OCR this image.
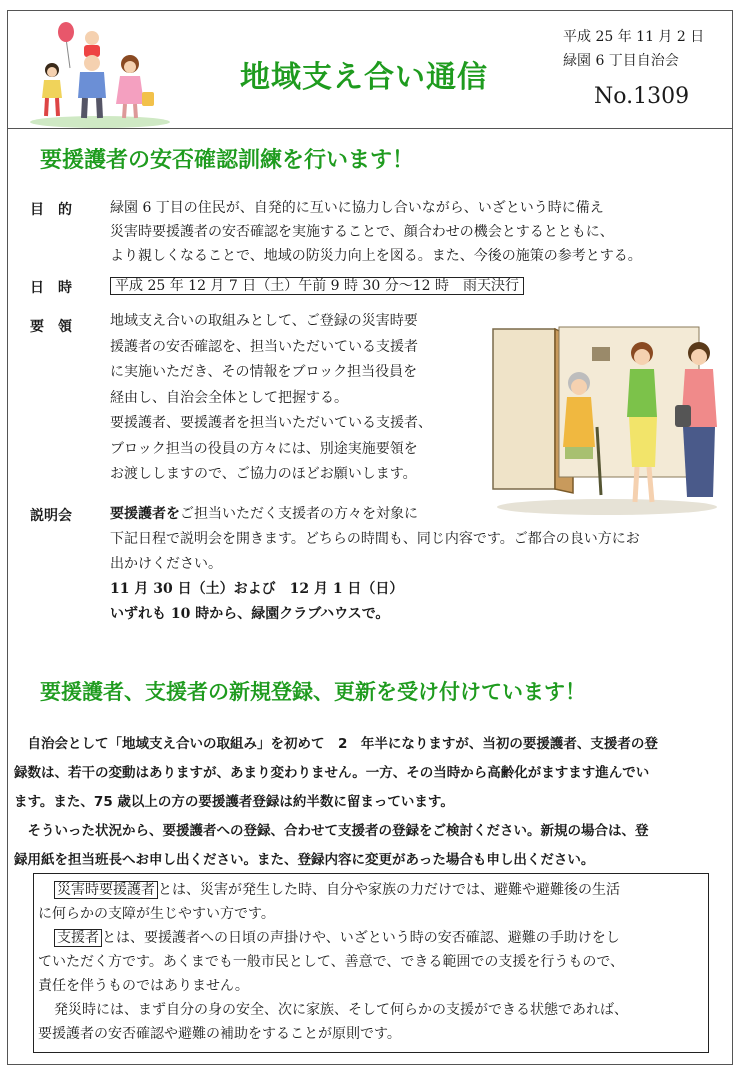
地域支え合い通信
平成 25 年 11 月 2 日
緑園 6 丁目自治会
No.1309
要援護者の安否確認訓練を行います！
目的 緑園 6 丁目の住民が、自発的に互いに協力し合いながら、いざという時に備え
災害時要援護者の安否確認を実施することで、顔合わせの機会とするとともに、
より親しくなることで、地域の防災力向上を図る。また、今後の施策の参考とする。
日時	平成 25 年 12 月 7 日（土）午前 9 時 30 分～12 時　雨天決行
要領 地域支え合いの取組みとして、ご登録の災害時要
援護者の安否確認を、担当いただいている支援者
に実施いただき、その情報をブロック担当役員を
経由し、自治会全体として把握する。
要援護者、要援護者を担当いただいている支援者、
ブロック担当の役員の方々には、別途実施要領を
お渡ししますので、ご協力のほどお願いします。
説明会	要援護者をご担当いただく支援者の方々を対象に
下記日程で説明会を開きます。どちらの時間も、同じ内容です。ご都合の良い方にお
出かけください。
11 月 30 日（土）および　12 月 1 日（日）
いずれも 10 時から、緑園クラブハウスで。
要援護者、支援者の新規登録、更新を受け付けています！
　自治会として「地域支え合いの取組み」を初めて　2　年半になりますが、当初の要援護者、支援者の登
録数は、若干の変動はありますが、あまり変わりません。一方、その当時から高齢化がますます進んでい
ます。また、75 歳以上の方の要援護者登録は約半数に留まっています。
　そういった状況から、要援護者への登録、合わせて支援者の登録をご検討ください。新規の場合は、登
録用紙を担当班長へお申し出ください。また、登録内容に変更があった場合も申し出ください。
災害時要援護者 とは、災害が発生した時、自分や家族の力だけでは、避難や避難後の生活
に何らかの支障が生じやすい方です。
支援者 とは、要援護者への日頃の声掛けや、いざという時の安否確認、避難の手助けをし
ていただく方です。あくまでも一般市民として、善意で、できる範囲での支援を行うもので、
責任を伴うものではありません。
発災時には、まず自分の身の安全、次に家族、そして何らかの支援ができる状態であれば、
要援護者の安否確認や避難の補助をすることが原則です。
